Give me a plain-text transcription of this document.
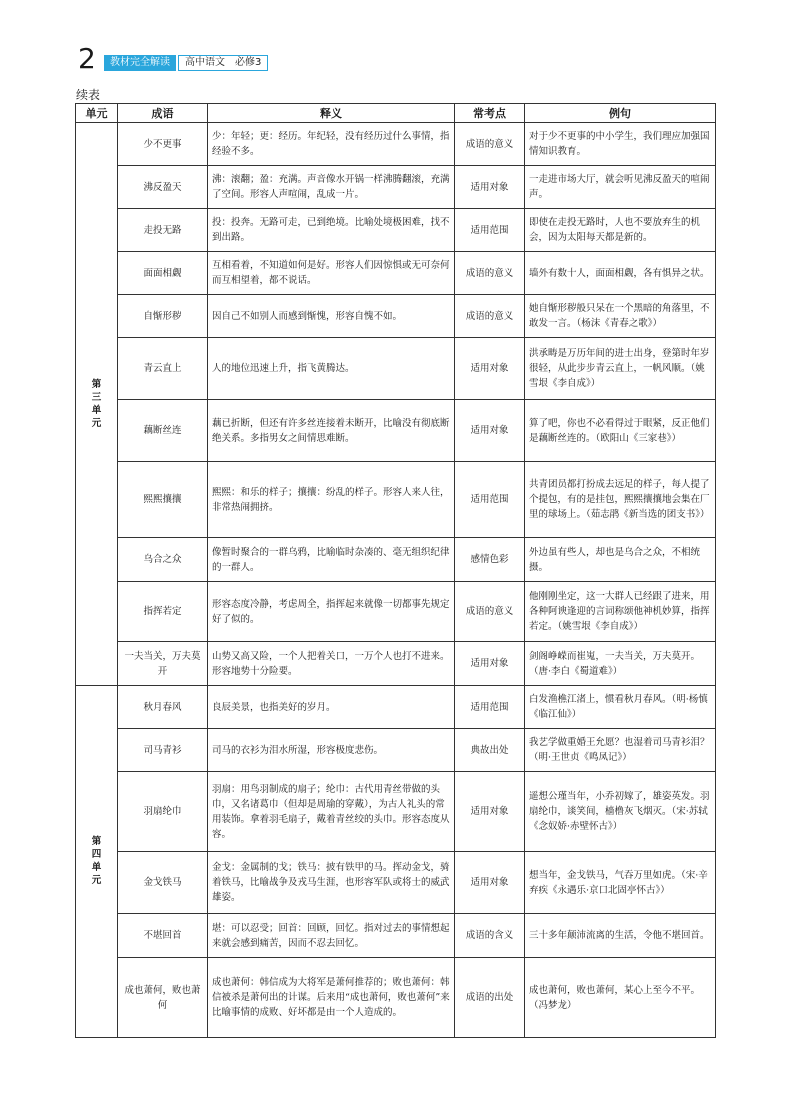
2	教材完全解读	高中语文　必修3
续表
单元	成语	释义	常考点	例句
第三单元	少不更事	少：年轻；更：经历。年纪轻，没有经历过什么事情，指经验不多。	成语的意义	对于少不更事的中小学生，我们理应加强国情知识教育。
	沸反盈天	沸：滚翻；盈：充满。声音像水开锅一样沸腾翻滚，充满了空间。形容人声喧闹，乱成一片。	适用对象	一走进市场大厅，就会听见沸反盈天的喧闹声。
	走投无路	投：投奔。无路可走，已到绝境。比喻处境极困难，找不到出路。	适用范围	即使在走投无路时，人也不要放弃生的机会，因为太阳每天都是新的。
	面面相觑	互相看着，不知道如何是好。形容人们因惊惧或无可奈何而互相望着，都不说话。	成语的意义	墙外有数十人，面面相觑，各有惧异之状。
	自惭形秽	因自己不如别人而感到惭愧，形容自愧不如。	成语的意义	她自惭形秽般只呆在一个黑暗的角落里，不敢发一言。（杨沫《青春之歌》）
	青云直上	人的地位迅速上升，指飞黄腾达。	适用对象	洪承畴是万历年间的进士出身，登第时年岁很轻，从此步步青云直上，一帆风顺。（姚雪垠《李自成》）
	藕断丝连	藕已折断，但还有许多丝连接着未断开，比喻没有彻底断绝关系。多指男女之间情思难断。	适用对象	算了吧，你也不必看得过于眼紧，反正他们是藕断丝连的。（欧阳山《三家巷》）
	熙熙攘攘	熙熙：和乐的样子；攘攘：纷乱的样子。形容人来人往，非常热闹拥挤。	适用范围	共青团员都打扮成去远足的样子，每人提了个提包，有的是挂包，熙熙攘攘地会集在厂里的球场上。（茹志鹃《新当选的团支书》）
	乌合之众	像暂时聚合的一群乌鸦，比喻临时杂凑的、毫无组织纪律的一群人。	感情色彩	外边虽有些人，却也是乌合之众，不相统摄。
	指挥若定	形容态度冷静，考虑周全，指挥起来就像一切都事先规定好了似的。	成语的意义	他刚刚坐定，这一大群人已经跟了进来，用各种阿谀逢迎的言词称颂他神机妙算，指挥若定。（姚雪垠《李自成》）
	一夫当关，万夫莫开	山势又高又险，一个人把着关口，一万个人也打不进来。形容地势十分险要。	适用对象	剑阁峥嵘而崔嵬，一夫当关，万夫莫开。（唐·李白《蜀道难》）
第四单元	秋月春风	良辰美景，也指美好的岁月。	适用范围	白发渔樵江渚上，惯看秋月春风。（明·杨慎《临江仙》）
	司马青衫	司马的衣衫为泪水所湿，形容极度悲伤。	典故出处	我艺学做重婚王允愿？也湿着司马青衫泪？（明·王世贞《鸣凤记》）
	羽扇纶巾	羽扇：用鸟羽制成的扇子；纶巾：古代用青丝带做的头巾，又名诸葛巾（但却是周瑜的穿戴），为古人礼头的常用装饰。拿着羽毛扇子，戴着青丝绞的头巾。形容态度从容。	适用对象	遥想公瑾当年，小乔初嫁了，雄姿英发。羽扇纶巾，谈笑间，樯橹灰飞烟灭。（宋·苏轼《念奴娇·赤壁怀古》）
	金戈铁马	金戈：金属制的戈；铁马：披有铁甲的马。挥动金戈，骑着铁马，比喻战争及戎马生涯，也形容军队或将士的威武雄姿。	适用对象	想当年，金戈铁马，气吞万里如虎。（宋·辛弃疾《永遇乐·京口北固亭怀古》）
	不堪回首	堪：可以忍受；回首：回顾，回忆。指对过去的事情想起来就会感到痛苦，因而不忍去回忆。	成语的含义	三十多年颠沛流离的生活，令他不堪回首。
	成也萧何，败也萧何	成也萧何：韩信成为大将军是萧何推荐的；败也萧何：韩信被杀是萧何出的计谋。后来用“成也萧何，败也萧何”来比喻事情的成败、好坏都是由一个人造成的。	成语的出处	成也萧何，败也萧何，某心上至今不平。（冯梦龙）
